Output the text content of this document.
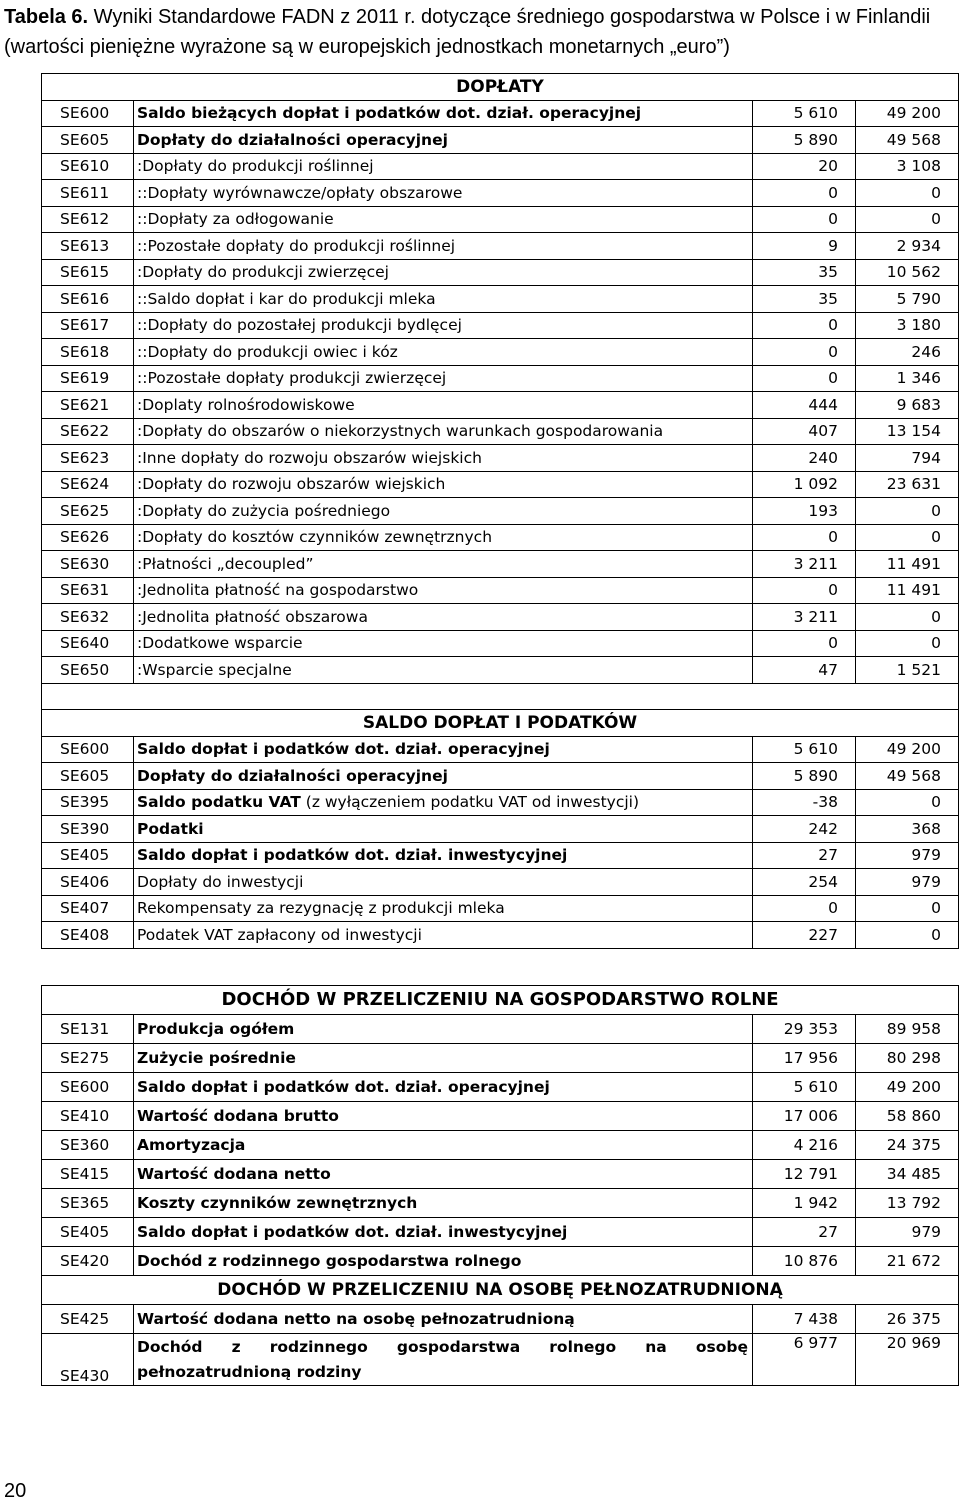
Tabela 6. Wyniki Standardowe FADN z 2011 r. dotyczące średniego gospodarstwa w Polsce i w Finlandii (wartości pieniężne wyrażone są w europejskich jednostkach monetarnych „euro”)
DOPŁATY			
SE600	Saldo bieżących dopłat i podatków dot. dział. operacyjnej	5 610	49 200
SE605	Dopłaty do działalności operacyjnej	5 890	49 568
SE610	:Dopłaty do produkcji roślinnej	20	3 108
SE611	::Dopłaty wyrównawcze/opłaty obszarowe	0	0
SE612	::Dopłaty za odłogowanie	0	0
SE613	::Pozostałe dopłaty do produkcji roślinnej	9	2 934
SE615	:Dopłaty do produkcji zwierzęcej	35	10 562
SE616	::Saldo dopłat i kar do produkcji mleka	35	5 790
SE617	::Dopłaty do pozostałej produkcji bydlęcej	0	3 180
SE618	::Dopłaty do produkcji owiec i kóz	0	246
SE619	::Pozostałe dopłaty produkcji zwierzęcej	0	1 346
SE621	:Doplaty rolnośrodowiskowe	444	9 683
SE622	:Dopłaty do obszarów o niekorzystnych warunkach gospodarowania	407	13 154
SE623	:Inne dopłaty do rozwoju obszarów wiejskich	240	794
SE624	:Dopłaty do rozwoju obszarów wiejskich	1 092	23 631
SE625	:Dopłaty do zużycia pośredniego	193	0
SE626	:Dopłaty do kosztów czynników zewnętrznych	0	0
SE630	:Płatności „decoupled”	3 211	11 491
SE631	:Jednolita płatność na gospodarstwo	0	11 491
SE632	:Jednolita płatność obszarowa	3 211	0
SE640	:Dodatkowe wsparcie	0	0
SE650	:Wsparcie specjalne	47	1 521

SALDO DOPŁAT I PODATKÓW			
SE600	Saldo dopłat i podatków dot. dział. operacyjnej	5 610	49 200
SE605	Dopłaty do działalności operacyjnej	5 890	49 568
SE395	Saldo podatku VAT (z wyłączeniem podatku VAT od inwestycji)	-38	0
SE390	Podatki	242	368
SE405	Saldo dopłat i podatków dot. dział. inwestycyjnej	27	979
SE406	Dopłaty do inwestycji	254	979
SE407	Rekompensaty za rezygnację z produkcji mleka	0	0
SE408	Podatek VAT zapłacony od inwestycji	227	0
DOCHÓD W PRZELICZENIU NA GOSPODARSTWO ROLNE			
SE131	Produkcja ogółem	29 353	89 958
SE275	Zużycie pośrednie	17 956	80 298
SE600	Saldo dopłat i podatków dot. dział. operacyjnej	5 610	49 200
SE410	Wartość dodana brutto	17 006	58 860
SE360	Amortyzacja	4 216	24 375
SE415	Wartość dodana netto	12 791	34 485
SE365	Koszty czynników zewnętrznych	1 942	13 792
SE405	Saldo dopłat i podatków dot. dział. inwestycyjnej	27	979
SE420	Dochód z rodzinnego gospodarstwa rolnego	10 876	21 672
DOCHÓD W PRZELICZENIU NA OSOBĘ PEŁNOZATRUDNIONĄ			
SE425	Wartość dodana netto na osobę pełnozatrudnioną	7 438	26 375
SE430	Dochód z rodzinnego gospodarstwa rolnego na osobę pełnozatrudnioną rodziny	6 977	20 969
20
